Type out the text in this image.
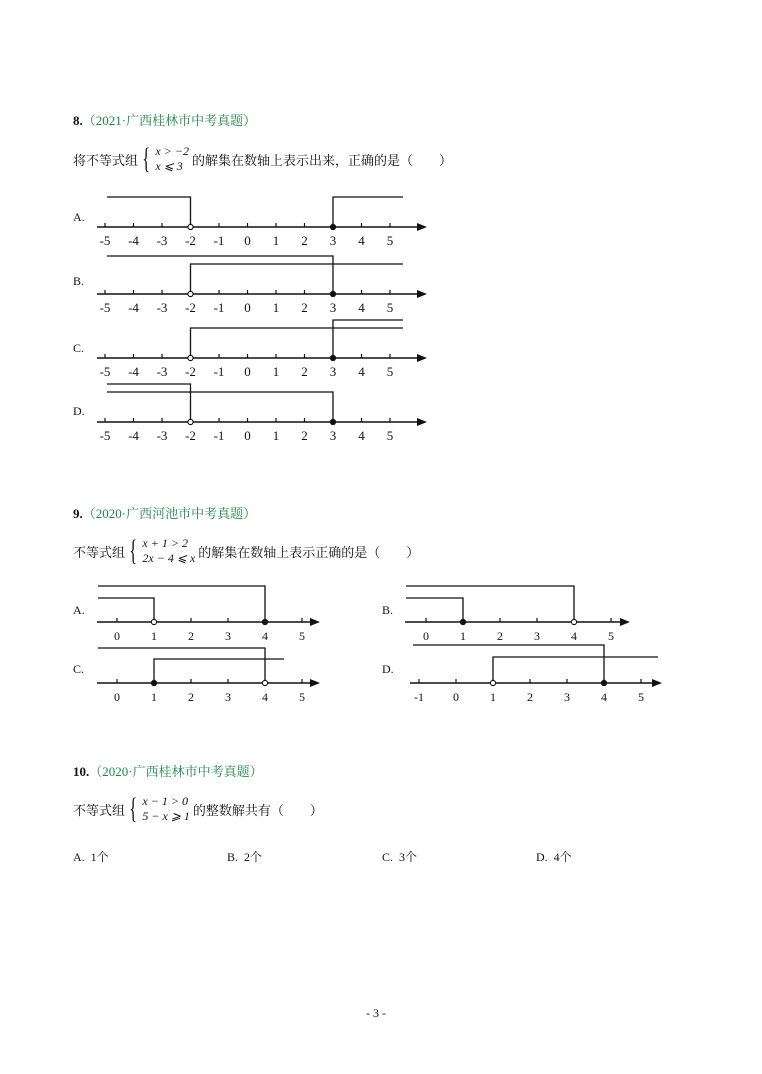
8.（2021·广西桂林市中考真题）
将不等式组 { x > −2
x ⩽ 3 的解集在数轴上表示出来，正确的是（　　）
A.
B.
C.
D.
-5 -4 -3 -2 -1 0 1 2 3 4 5
-5 -4 -3 -2 -1 0 1 2 3 4 5
-5 -4 -3 -2 -1 0 1 2 3 4 5
-5 -4 -3 -2 -1 0 1 2 3 4 5
9.（2020·广西河池市中考真题）
不等式组 { x + 1 > 2
2x − 4 ⩽ x 的解集在数轴上表示正确的是（　　）
A.	B.
C.	D.
0	1	2	3	4	5	0	1	2	3	4	5
0	1	2	3	4	5	-1 0	1	2	3	4	5
10.（2020·广西桂林市中考真题）
不等式组 { x − 1 > 0
5 − x ⩾ 1 的整数解共有（　　）
A. 1个	B. 2个	C. 3个	D. 4个
- 3 -
